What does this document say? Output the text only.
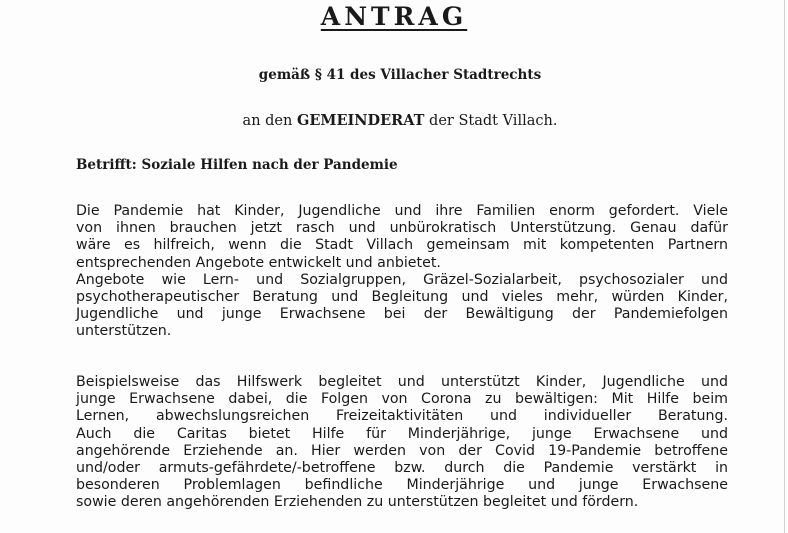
ANTRAG
gemäß § 41 des Villacher Stadtrechts
an den GEMEINDERAT der Stadt Villach.
Betrifft: Soziale Hilfen nach der Pandemie
Die Pandemie hat Kinder, Jugendliche und ihre Familien enorm gefordert. Viele
von ihnen brauchen jetzt rasch und unbürokratisch Unterstützung. Genau dafür
wäre es hilfreich, wenn die Stadt Villach gemeinsam mit kompetenten Partnern
entsprechenden Angebote entwickelt und anbietet.
Angebote wie Lern- und Sozialgruppen, Gräzel-Sozialarbeit, psychosozialer und
psychotherapeutischer Beratung und Begleitung und vieles mehr, würden Kinder,
Jugendliche und junge Erwachsene bei der Bewältigung der Pandemiefolgen
unterstützen.
Beispielsweise das Hilfswerk begleitet und unterstützt Kinder, Jugendliche und
junge Erwachsene dabei, die Folgen von Corona zu bewältigen: Mit Hilfe beim
Lernen, abwechslungsreichen Freizeitaktivitäten und individueller Beratung.
Auch die Caritas bietet Hilfe für Minderjährige, junge Erwachsene und
angehörende Erziehende an. Hier werden von der Covid 19-Pandemie betroffene
und/oder armuts-gefährdete/-betroffene bzw. durch die Pandemie verstärkt in
besonderen Problemlagen befindliche Minderjährige und junge Erwachsene
sowie deren angehörenden Erziehenden zu unterstützen begleitet und fördern.
